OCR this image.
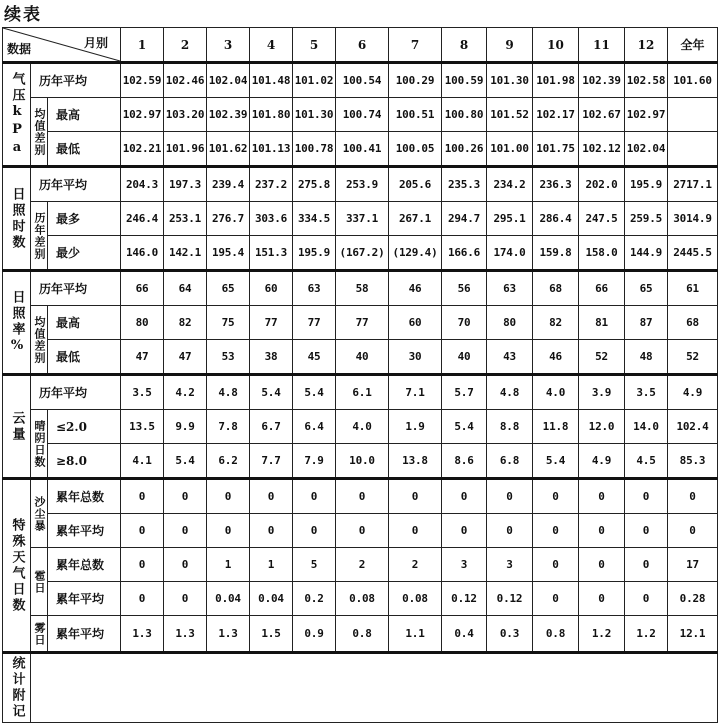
续表
数据 月别			1	2	3	4	5	6	7	8	9	10	11	12	全年
气压kPa	历年平均		102.59	102.46	102.04	101.48	101.02	100.54	100.29	100.59	101.30	101.98	102.39	102.58	101.60
	均值差别	最高	102.97	103.20	102.39	101.80	101.30	100.74	100.51	100.80	101.52	102.17	102.67	102.97	
		最低	102.21	101.96	101.62	101.13	100.78	100.41	100.05	100.26	101.00	101.75	102.12	102.04	
日照时数	历年平均		204.3	197.3	239.4	237.2	275.8	253.9	205.6	235.3	234.2	236.3	202.0	195.9	2717.1
	历年差别	最多	246.4	253.1	276.7	303.6	334.5	337.1	267.1	294.7	295.1	286.4	247.5	259.5	3014.9
		最少	146.0	142.1	195.4	151.3	195.9	(167.2)	(129.4)	166.6	174.0	159.8	158.0	144.9	2445.5
日照率%	历年平均		66	64	65	60	63	58	46	56	63	68	66	65	61
	均值差别	最高	80	82	75	77	77	77	60	70	80	82	81	87	68
		最低	47	47	53	38	45	40	30	40	43	46	52	48	52
云量	历年平均		3.5	4.2	4.8	5.4	5.4	6.1	7.1	5.7	4.8	4.0	3.9	3.5	4.9
	晴阴日数	≤2.0	13.5	9.9	7.8	6.7	6.4	4.0	1.9	5.4	8.8	11.8	12.0	14.0	102.4
		≥8.0	4.1	5.4	6.2	7.7	7.9	10.0	13.8	8.6	6.8	5.4	4.9	4.5	85.3
特殊天气日数	沙尘暴	累年总数	0	0	0	0	0	0	0	0	0	0	0	0	0
		累年平均	0	0	0	0	0	0	0	0	0	0	0	0	0
	雹日	累年总数	0	0	1	1	5	2	2	3	3	0	0	0	17
		累年平均	0	0	0.04	0.04	0.2	0.08	0.08	0.12	0.12	0	0	0	0.28
	雾日	累年平均	1.3	1.3	1.3	1.5	0.9	0.8	1.1	0.4	0.3	0.8	1.2	1.2	12.1
统计附记															
